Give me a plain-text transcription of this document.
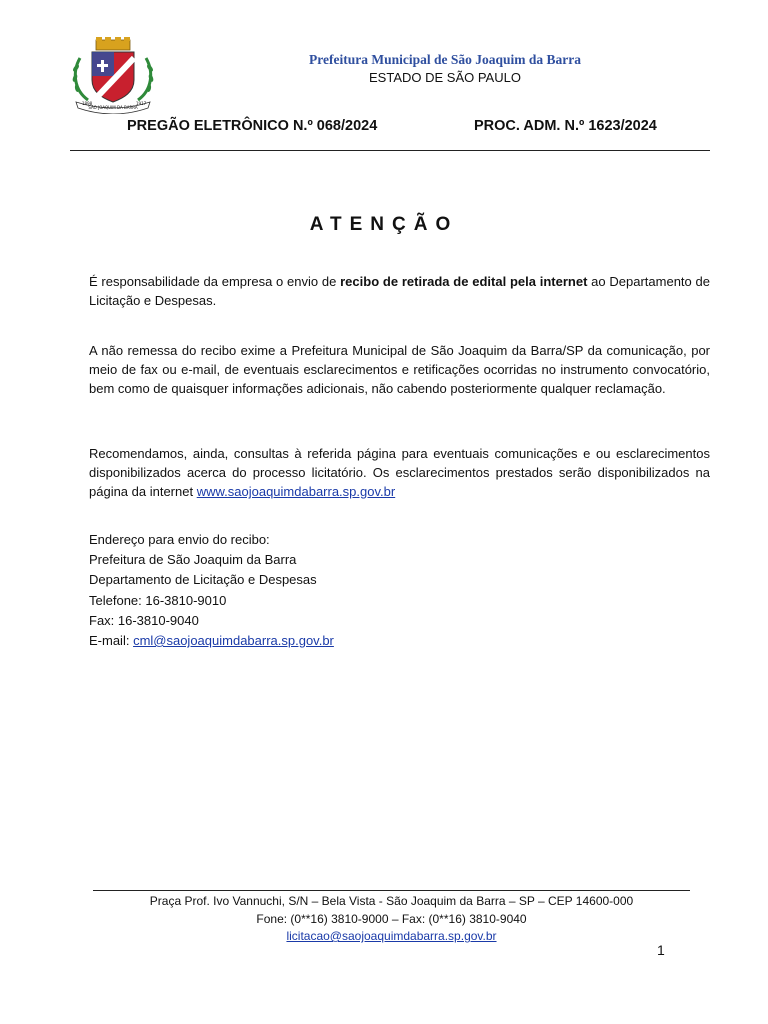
SÃO JOAQUIM DA BARRA
1898	1917
Prefeitura Municipal de São Joaquim da Barra
ESTADO DE SÃO PAULO
PREGÃO ELETRÔNICO N.º 068/2024	PROC. ADM. N.º 1623/2024
ATENÇÃO

É responsabilidade da empresa o envio de recibo de retirada de edital pela internet ao Departamento de Licitação e Despesas.

A não remessa do recibo exime a Prefeitura Municipal de São Joaquim da Barra/SP da comunicação, por meio de fax ou e-mail, de eventuais esclarecimentos e retificações ocorridas no instrumento convocatório, bem como de quaisquer informações adicionais, não cabendo posteriormente qualquer reclamação.

Recomendamos, ainda, consultas à referida página para eventuais comunicações e ou esclarecimentos disponibilizados acerca do processo licitatório. Os esclarecimentos prestados serão disponibilizados na página da internet www.saojoaquimdabarra.sp.gov.br

Endereço para envio do recibo:
Prefeitura de São Joaquim da Barra
Departamento de Licitação e Despesas
Telefone: 16-3810-9010
Fax: 16-3810-9040
E-mail: cml@saojoaquimdabarra.sp.gov.br
Praça Prof. Ivo Vannuchi, S/N – Bela Vista - São Joaquim da Barra – SP – CEP 14600-000
Fone: (0**16) 3810-9000 – Fax: (0**16) 3810-9040
licitacao@saojoaquimdabarra.sp.gov.br
1
